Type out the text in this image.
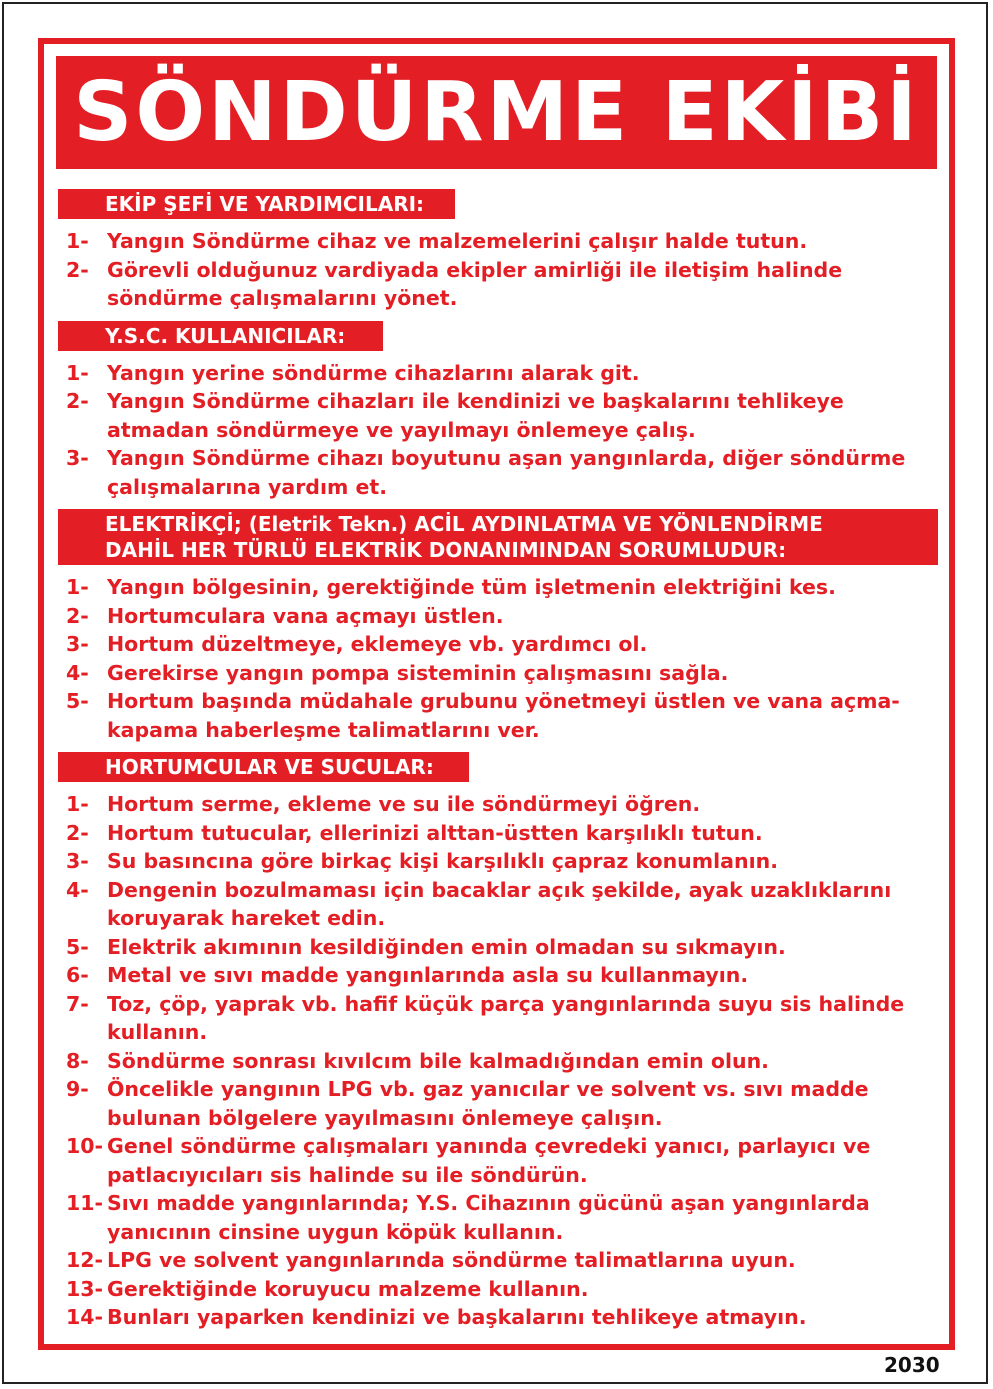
SÖNDÜRME EKİBİ
EKİP ŞEFİ VE YARDIMCILARI:
1- Yangın Söndürme cihaz ve malzemelerini çalışır halde tutun.
2- Görevli olduğunuz vardiyada ekipler amirliği ile iletişim halinde söndürme çalışmalarını yönet.
Y.S.C. KULLANICILAR:
1- Yangın yerine söndürme cihazlarını alarak git.
2- Yangın Söndürme cihazları ile kendinizi ve başkalarını tehlikeye atmadan söndürmeye ve yayılmayı önlemeye çalış.
3- Yangın Söndürme cihazı boyutunu aşan yangınlarda, diğer söndürme çalışmalarına yardım et.
ELEKTRİKÇİ; (Eletrik Tekn.) ACİL AYDINLATMA VE YÖNLENDİRME DAHİL HER TÜRLÜ ELEKTRİK DONANIMINDAN SORUMLUDUR:
1- Yangın bölgesinin, gerektiğinde tüm işletmenin elektriğini kes.
2- Hortumculara vana açmayı üstlen.
3- Hortum düzeltmeye, eklemeye vb. yardımcı ol.
4- Gerekirse yangın pompa sisteminin çalışmasını sağla.
5- Hortum başında müdahale grubunu yönetmeyi üstlen ve vana açma-kapama haberleşme talimatlarını ver.
HORTUMCULAR VE SUCULAR:
1- Hortum serme, ekleme ve su ile söndürmeyi öğren.
2- Hortum tutucular, ellerinizi alttan-üstten karşılıklı tutun.
3- Su basıncına göre birkaç kişi karşılıklı çapraz konumlanın.
4- Dengenin bozulmaması için bacaklar açık şekilde, ayak uzaklıklarını koruyarak hareket edin.
5- Elektrik akımının kesildiğinden emin olmadan su sıkmayın.
6- Metal ve sıvı madde yangınlarında asla su kullanmayın.
7- Toz, çöp, yaprak vb. hafif küçük parça yangınlarında suyu sis halinde kullanın.
8- Söndürme sonrası kıvılcım bile kalmadığından emin olun.
9- Öncelikle yangının LPG vb. gaz yanıcılar ve solvent vs. sıvı madde bulunan bölgelere yayılmasını önlemeye çalışın.
10- Genel söndürme çalışmaları yanında çevredeki yanıcı, parlayıcı ve patlacıyıcıları sis halinde su ile söndürün.
11- Sıvı madde yangınlarında; Y.S. Cihazının gücünü aşan yangınlarda yanıcının cinsine uygun köpük kullanın.
12- LPG ve solvent yangınlarında söndürme talimatlarına uyun.
13- Gerektiğinde koruyucu malzeme kullanın.
14- Bunları yaparken kendinizi ve başkalarını tehlikeye atmayın.
2030
